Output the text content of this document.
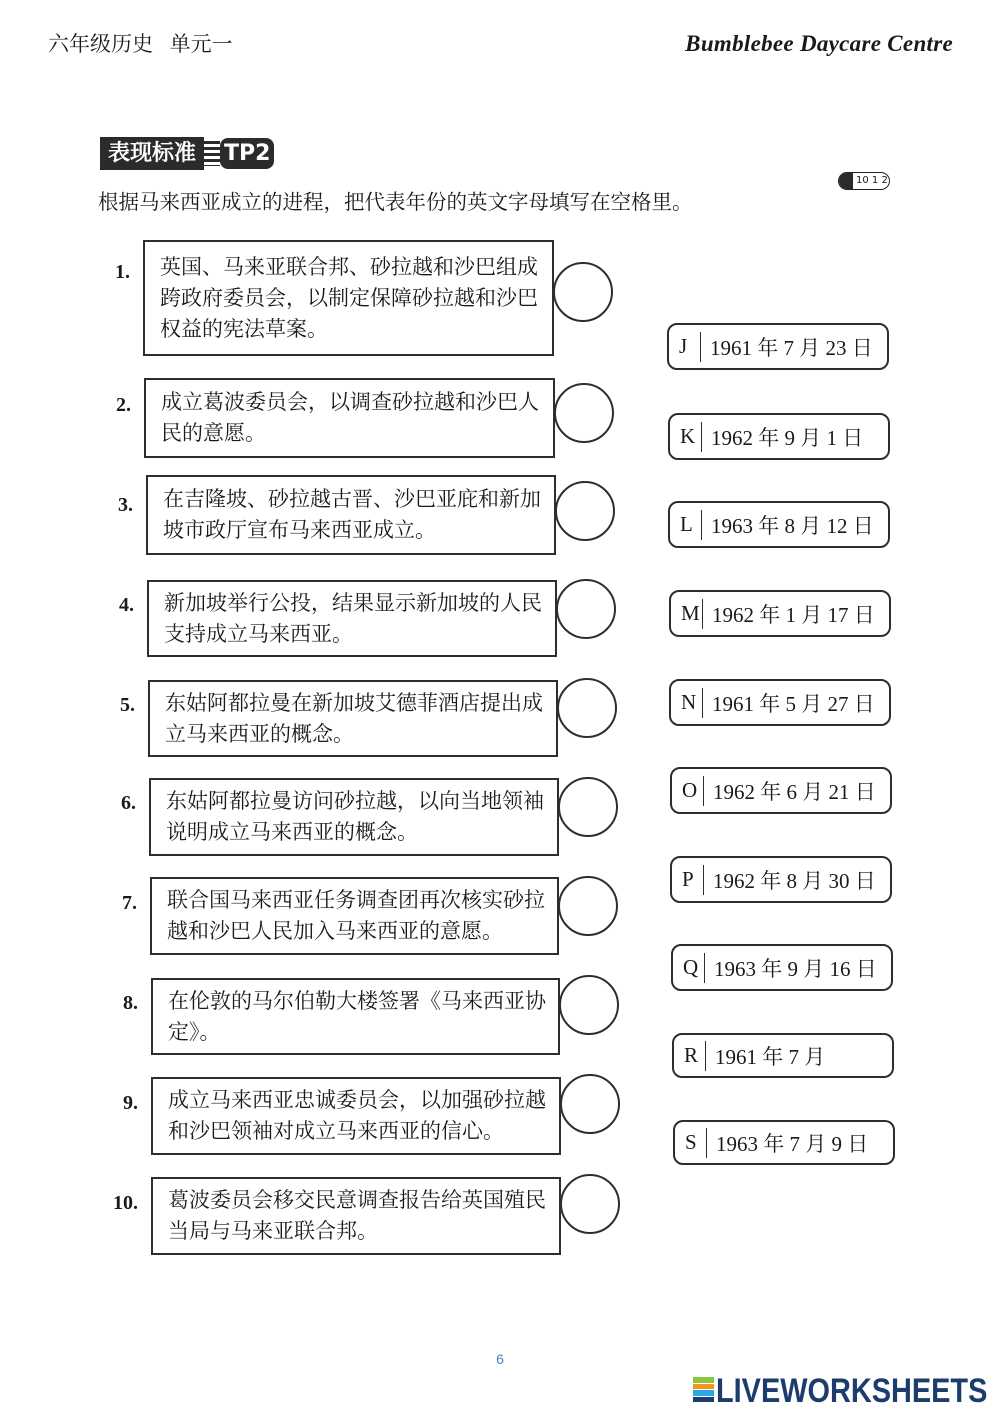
六年级历史 单元一	Bumblebee Daycare Centre
表现标准	TP2
10 1 2
根据马来西亚成立的进程，把代表年份的英文字母填写在空格里。
1. 英国、马来亚联合邦、砂拉越和沙巴组成
跨政府委员会，以制定保障砂拉越和沙巴
权益的宪法草案。
2. 成立葛波委员会，以调查砂拉越和沙巴人
民的意愿。
3. 在吉隆坡、砂拉越古晋、沙巴亚庇和新加
坡市政厅宣布马来西亚成立。
4. 新加坡举行公投，结果显示新加坡的人民
支持成立马来西亚。
5. 东姑阿都拉曼在新加坡艾德菲酒店提出成
立马来西亚的概念。
6. 东姑阿都拉曼访问砂拉越，以向当地领袖
说明成立马来西亚的概念。
7. 联合国马来西亚任务调查团再次核实砂拉
越和沙巴人民加入马来西亚的意愿。
8. 在伦敦的马尔伯勒大楼签署《马来西亚协
定》。
9. 成立马来西亚忠诚委员会，以加强砂拉越
和沙巴领袖对成立马来西亚的信心。
10. 葛波委员会移交民意调查报告给英国殖民
当局与马来亚联合邦。
J	1961 年 7 月 23 日
K 1962 年 9 月 1 日
L 1963 年 8 月 12 日
M 1962 年 1 月 17 日
N 1961 年 5 月 27 日
O 1962 年 6 月 21 日
P 1962 年 8 月 30 日
Q 1963 年 9 月 16 日
R 1961 年 7 月
S 1963 年 7 月 9 日
6
LIVEWORKSHEETS
